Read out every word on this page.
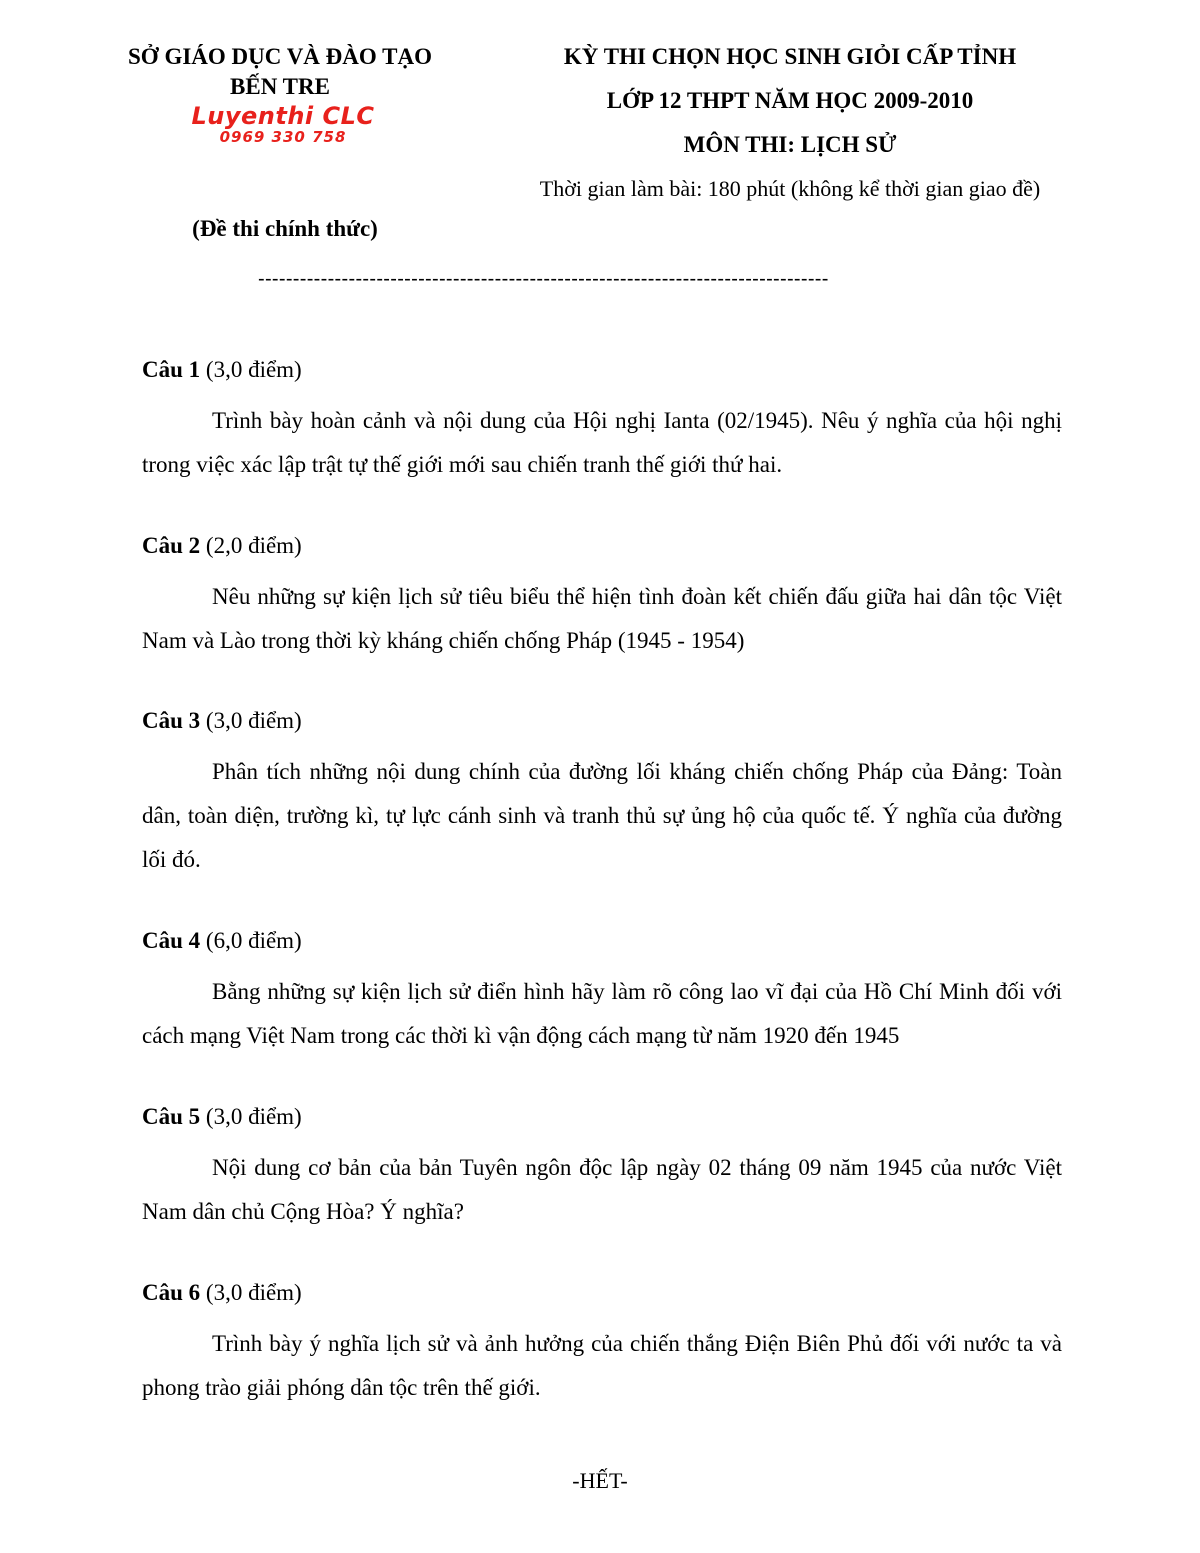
SỞ GIÁO DỤC VÀ ĐÀO TẠO
BẾN TRE
Luyenthi CLC
0969 330 758
KỲ THI CHỌN HỌC SINH GIỎI CẤP TỈNH
LỚP 12 THPT NĂM HỌC 2009-2010
MÔN THI: LỊCH SỬ
Thời gian làm bài: 180 phút (không kể thời gian giao đề)
(Đề thi chính thức)
----------------------------------------------------------------------------------
Câu 1 (3,0 điểm)
Trình bày hoàn cảnh và nội dung của Hội nghị Ianta (02/1945). Nêu ý nghĩa của hội nghị trong việc xác lập trật tự thế giới mới sau chiến tranh thế giới thứ hai.
Câu 2 (2,0 điểm)
Nêu những sự kiện lịch sử tiêu biểu thể hiện tình đoàn kết chiến đấu giữa hai dân tộc Việt Nam và Lào trong thời kỳ kháng chiến chống Pháp (1945 - 1954)
Câu 3 (3,0 điểm)
Phân tích những nội dung chính của đường lối kháng chiến chống Pháp của Đảng: Toàn dân, toàn diện, trường kì, tự lực cánh sinh và tranh thủ sự ủng hộ của quốc tế. Ý nghĩa của đường lối đó.
Câu 4 (6,0 điểm)
Bằng những sự kiện lịch sử điển hình hãy làm rõ công lao vĩ đại của Hồ Chí Minh đối với cách mạng Việt Nam trong các thời kì vận động cách mạng từ năm 1920 đến 1945
Câu 5 (3,0 điểm)
Nội dung cơ bản của bản Tuyên ngôn độc lập ngày 02 tháng 09 năm 1945 của nước Việt Nam dân chủ Cộng Hòa? Ý nghĩa?
Câu 6 (3,0 điểm)
Trình bày ý nghĩa lịch sử và ảnh hưởng của chiến thắng Điện Biên Phủ đối với nước ta và phong trào giải phóng dân tộc trên thế giới.
-HẾT-
